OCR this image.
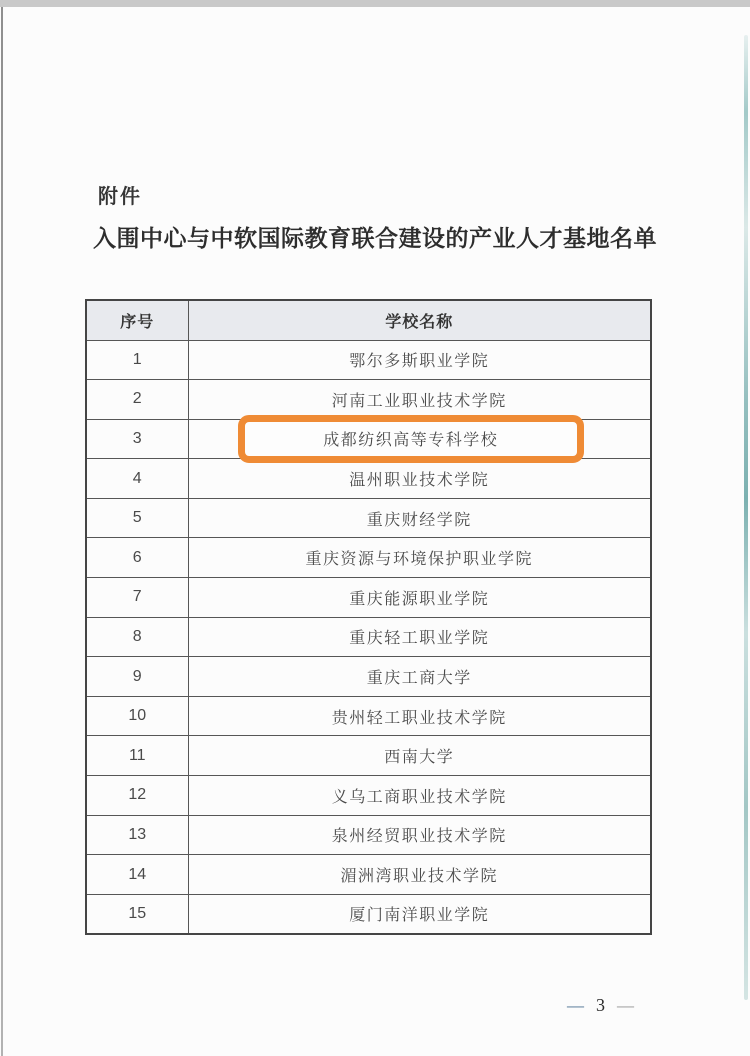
附件
入围中心与中软国际教育联合建设的产业人才基地名单
序号	学校名称
1	鄂尔多斯职业学院
2	河南工业职业技术学院
3	成都纺织高等专科学校

4	温州职业技术学院
5	重庆财经学院
6	重庆资源与环境保护职业学院
7	重庆能源职业学院
8	重庆轻工职业学院
9	重庆工商大学
10	贵州轻工职业技术学院
11	西南大学
12	义乌工商职业技术学院
13	泉州经贸职业技术学院
14	湄洲湾职业技术学院
15	厦门南洋职业学院
— 3 —
